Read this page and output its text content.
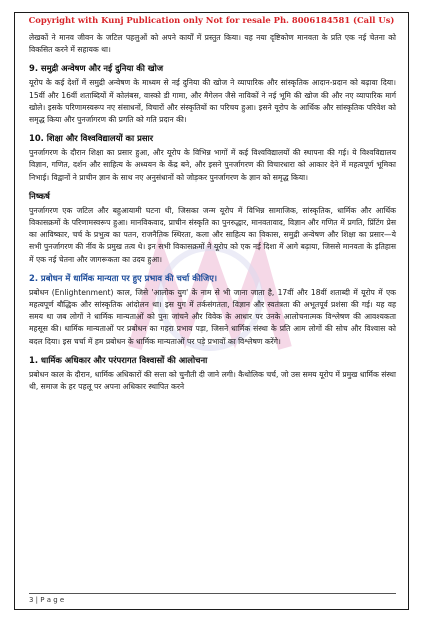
Copyright with Kunj Publication only Not for resale Ph. 8006184581 (Call Us)

लेखकों ने मानव जीवन के जटिल पहलुओं को अपने कार्यों में प्रस्तुत किया। यह नया दृष्टिकोण मानवता के प्रति एक नई चेतना को विकसित करने में सहायक था।

9. समुद्री अन्वेषण और नई दुनिया की खोज

यूरोप के कई देशों में समुद्री अन्वेषण के माध्यम से नई दुनिया की खोज ने व्यापारिक और सांस्कृतिक आदान-प्रदान को बढ़ावा दिया। 15वीं और 16वीं शताब्दियों में कोलंबस, वास्को डी गामा, और मैगेलन जैसे नाविकों ने नई भूमि की खोज की और नए व्यापारिक मार्ग खोले। इसके परिणामस्वरूप नए संसाधनों, विचारों और संस्कृतियों का परिचय हुआ। इसने यूरोप के आर्थिक और सांस्कृतिक परिवेश को समृद्ध किया और पुनर्जागरण की प्रगति को गति प्रदान की।

10. शिक्षा और विश्वविद्यालयों का प्रसार

पुनर्जागरण के दौरान शिक्षा का प्रसार हुआ, और यूरोप के विभिन्न भागों में कई विश्वविद्यालयों की स्थापना की गई। ये विश्वविद्यालय विज्ञान, गणित, दर्शन और साहित्य के अध्ययन के केंद्र बने, और इसने पुनर्जागरण की विचारधारा को आकार देने में महत्वपूर्ण भूमिका निभाई। विद्वानों ने प्राचीन ज्ञान के साथ नए अनुसंधानों को जोड़कर पुनर्जागरण के ज्ञान को समृद्ध किया।

निष्कर्ष

पुनर्जागरण एक जटिल और बहुआयामी घटना थी, जिसका जन्म यूरोप में विभिन्न सामाजिक, सांस्कृतिक, धार्मिक और आर्थिक विकासक्रमों के परिणामस्वरूप हुआ। मानविकवाद, प्राचीन संस्कृति का पुनरुद्धार, मानवतावाद, विज्ञान और गणित में प्रगति, प्रिंटिंग प्रेस का आविष्कार, चर्च के प्रभुत्व का पतन, राजनैतिक स्थिरता, कला और साहित्य का विकास, समुद्री अन्वेषण और शिक्षा का प्रसार—ये सभी पुनर्जागरण की नींव के प्रमुख तत्व थे। इन सभी विकासक्रमों ने यूरोप को एक नई दिशा में आगे बढ़ाया, जिससे मानवता के इतिहास में एक नई चेतना और जागरूकता का उदय हुआ।

2. प्रबोधन में धार्मिक मान्यता पर हुए प्रभाव की चर्चा कीजिए।

प्रबोधन (Enlightenment) काल, जिसे 'आलोक युग' के नाम से भी जाना जाता है, 17वीं और 18वीं शताब्दी में यूरोप में एक महत्वपूर्ण बौद्धिक और सांस्कृतिक आंदोलन था। इस युग में तर्कसंगतता, विज्ञान और स्वतंत्रता की अभूतपूर्व प्रशंसा की गई। यह वह समय था जब लोगों ने धार्मिक मान्यताओं को पुनः जांचने और विवेक के आधार पर उनके आलोचनात्मक विश्लेषण की आवश्यकता महसूस की। धार्मिक मान्यताओं पर प्रबोधन का गहरा प्रभाव पड़ा, जिसने धार्मिक संस्था के प्रति आम लोगों की सोच और विश्वास को बदल दिया। इस चर्चा में हम प्रबोधन के धार्मिक मान्यताओं पर पड़े प्रभावों का विश्लेषण करेंगे।

1. धार्मिक अधिकार और परंपरागत विश्वासों की आलोचना

प्रबोधन काल के दौरान, धार्मिक अधिकारों की सत्ता को चुनौती दी जाने लगी। कैथोलिक चर्च, जो उस समय यूरोप में प्रमुख धार्मिक संस्था थी, समाज के हर पहलू पर अपना अधिकार स्थापित करने

3 | P a g e
